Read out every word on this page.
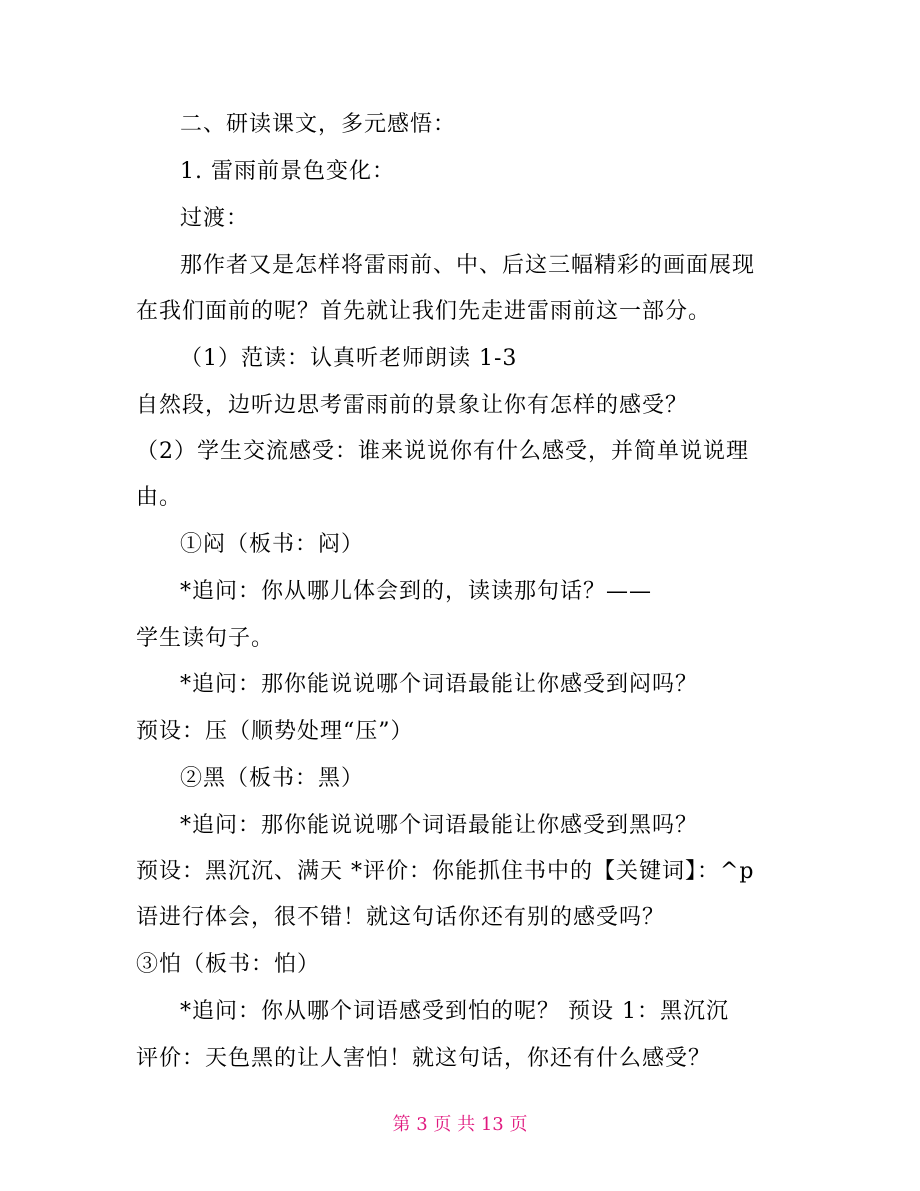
二、研读课文，多元感悟：
1. 雷雨前景色变化：
过渡：
那作者又是怎样将雷雨前、中、后这三幅精彩的画面展现
在我们面前的呢？首先就让我们先走进雷雨前这一部分。
（1）范读：认真听老师朗读 1-3
自然段，边听边思考雷雨前的景象让你有怎样的感受？
（2）学生交流感受：谁来说说你有什么感受，并简单说说理
由。
①闷（板书：闷）
*追问：你从哪儿体会到的，读读那句话？——
学生读句子。
*追问：那你能说说哪个词语最能让你感受到闷吗？
预设：压（顺势处理“压”）
②黑（板书：黑）
*追问：那你能说说哪个词语最能让你感受到黑吗？
预设：黑沉沉、满天 *评价：你能抓住书中的【关键词】：^p
语进行体会，很不错！就这句话你还有别的感受吗？
③怕（板书：怕）
*追问：你从哪个词语感受到怕的呢？ 预设 1：黑沉沉
评价：天色黑的让人害怕！就这句话，你还有什么感受？
第 3 页 共 13 页
